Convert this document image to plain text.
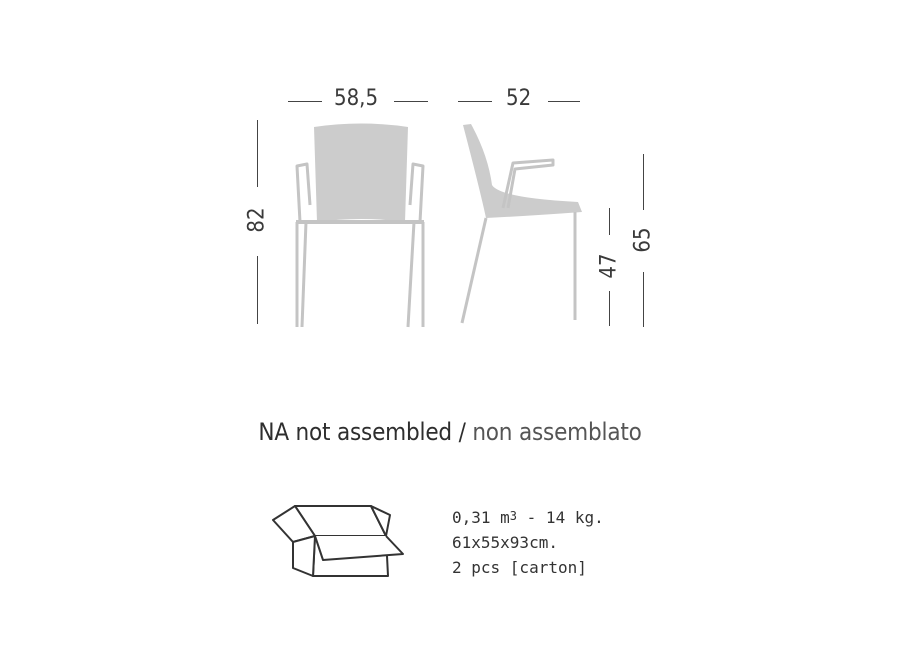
58,5	52
82
47
65
NA not assembled / non assemblato
0,31 $m^3 - 14$ kg.
61x55x93cm.
2 pcs [carton]
